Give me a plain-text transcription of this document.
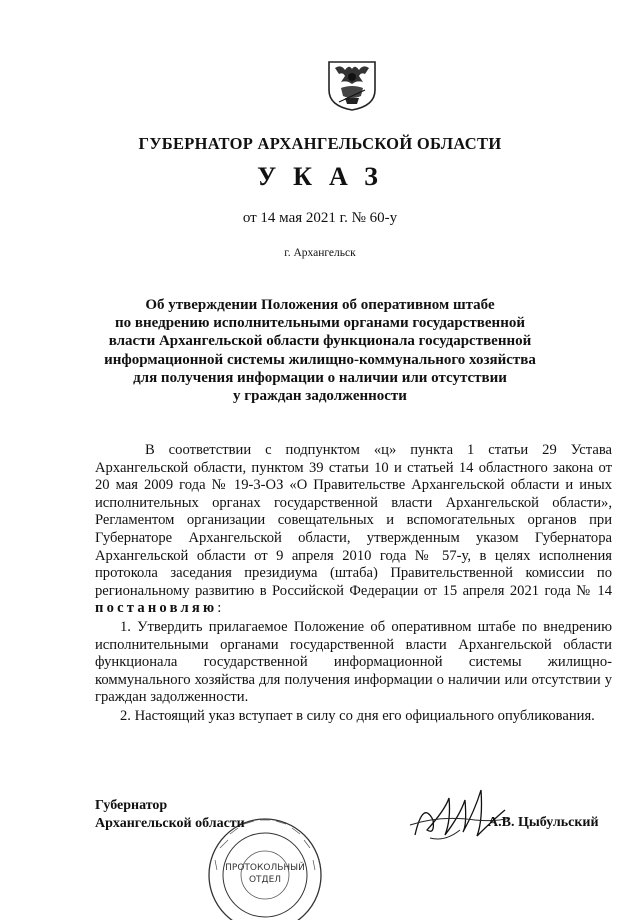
ГУБЕРНАТОР АРХАНГЕЛЬСКОЙ ОБЛАСТИ
УКАЗ
от 14 мая 2021 г. № 60-у
г. Архангельск
Об утверждении Положения об оперативном штабе
по внедрению исполнительными органами государственной
власти Архангельской области функционала государственной
информационной системы жилищно-коммунального хозяйства
для получения информации о наличии или отсутствии
у граждан задолженности
В соответствии с подпунктом «ц» пункта 1 статьи 29 Устава Архангельской области, пунктом 39 статьи 10 и статьей 14 областного закона от 20 мая 2009 года № 19-3-ОЗ «О Правительстве Архангельской области и иных исполнительных органах государственной власти Архангельской области», Регламентом организации совещательных и вспомогательных органов при Губернаторе Архангельской области, утвержденным указом Губернатора Архангельской области от 9 апреля 2010 года № 57-у, в целях исполнения протокола заседания президиума (штаба) Правительственной комиссии по региональному развитию в Российской Федерации от 15 апреля 2021 года № 14 постановляю:
1. Утвердить прилагаемое Положение об оперативном штабе по внедрению исполнительными органами государственной власти Архангельской области функционала государственной информационной системы жилищно-коммунального хозяйства для получения информации о наличии или отсутствии у граждан задолженности.
2. Настоящий указ вступает в силу со дня его официального опубликования.
ПРОТОКОЛЬНЫЙ
ОТДЕЛ
Губернатор
Архангельской области	А.В. Цыбульский
